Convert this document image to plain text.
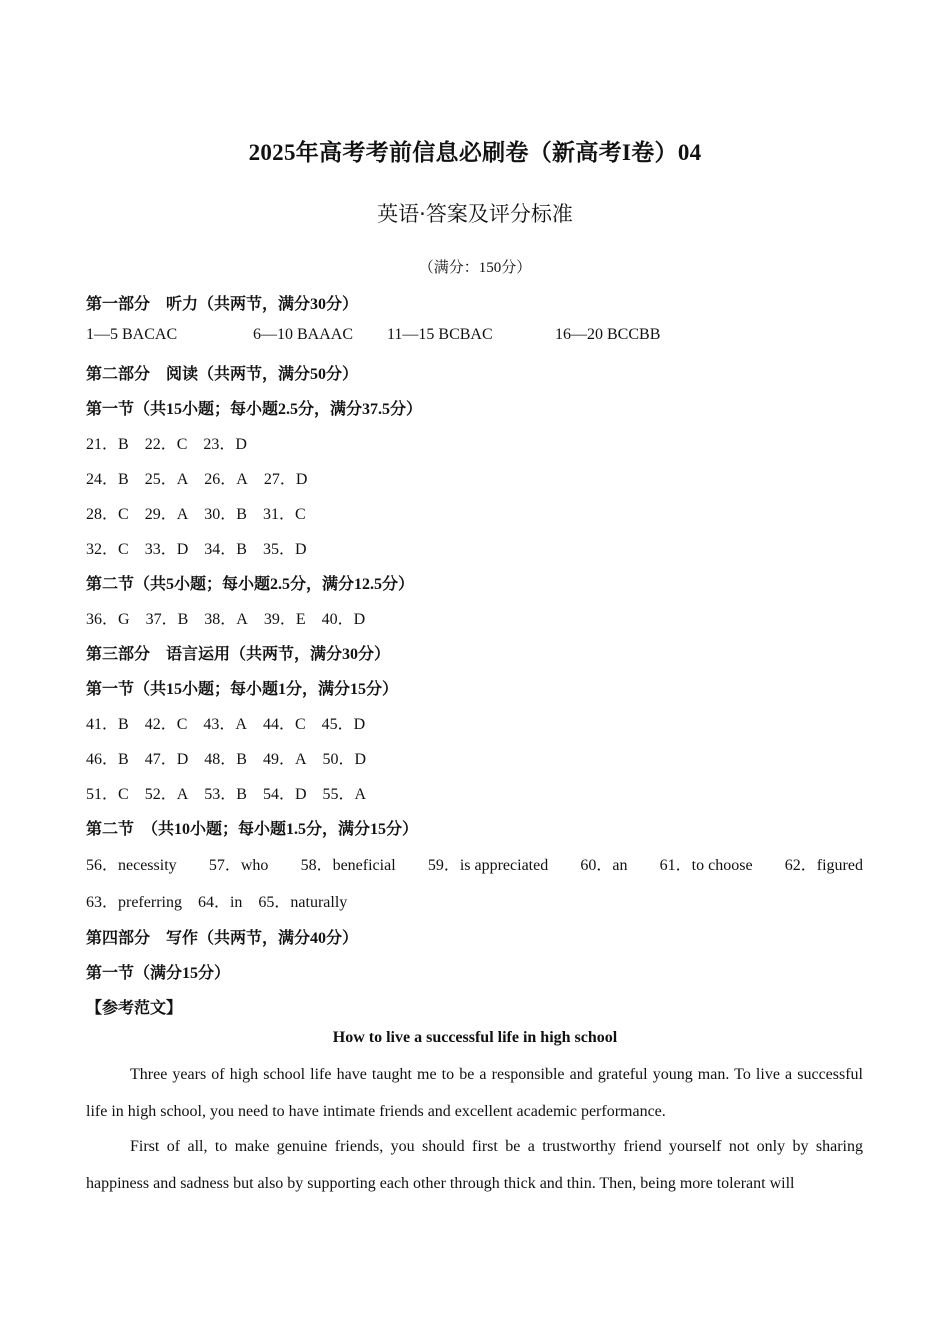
2025年高考考前信息必刷卷（新高考I卷）04
英语·答案及评分标准
（满分：150分）
第一部分　听力（共两节，满分30分）
1—5 BACAC	6—10 BAAAC 11—15 BCBAC	16—20 BCCBB
第二部分　阅读（共两节，满分50分）
第一节（共15小题；每小题2.5分，满分37.5分）
21．B 22．C 23．D
24．B 25．A 26．A 27．D
28．C 29．A 30．B 31．C
32．C 33．D 34．B 35．D
第二节（共5小题；每小题2.5分，满分12.5分）
36．G 37．B 38．A 39．E 40．D
第三部分　语言运用（共两节，满分30分）
第一节（共15小题；每小题1分，满分15分）
41．B 42．C 43．A 44．C 45．D
46．B 47．D 48．B 49．A 50．D
51．C 52．A 53．B 54．D 55．A
第二节　（共10小题；每小题1.5分，满分15分）
56．necessity 57．who 58．beneficial 59．is appreciated 60．an 61．to choose 62．figured
63．preferring 64．in 65．naturally
第四部分　写作（共两节，满分40分）
第一节（满分15分）
【参考范文】
How to live a successful life in high school
Three years of high school life have taught me to be a responsible and grateful young man. To live a successful life in high school, you need to have intimate friends and excellent academic performance.
First of all, to make genuine friends, you should first be a trustworthy friend yourself not only by sharing happiness and sadness but also by supporting each other through thick and thin. Then, being more tolerant will
